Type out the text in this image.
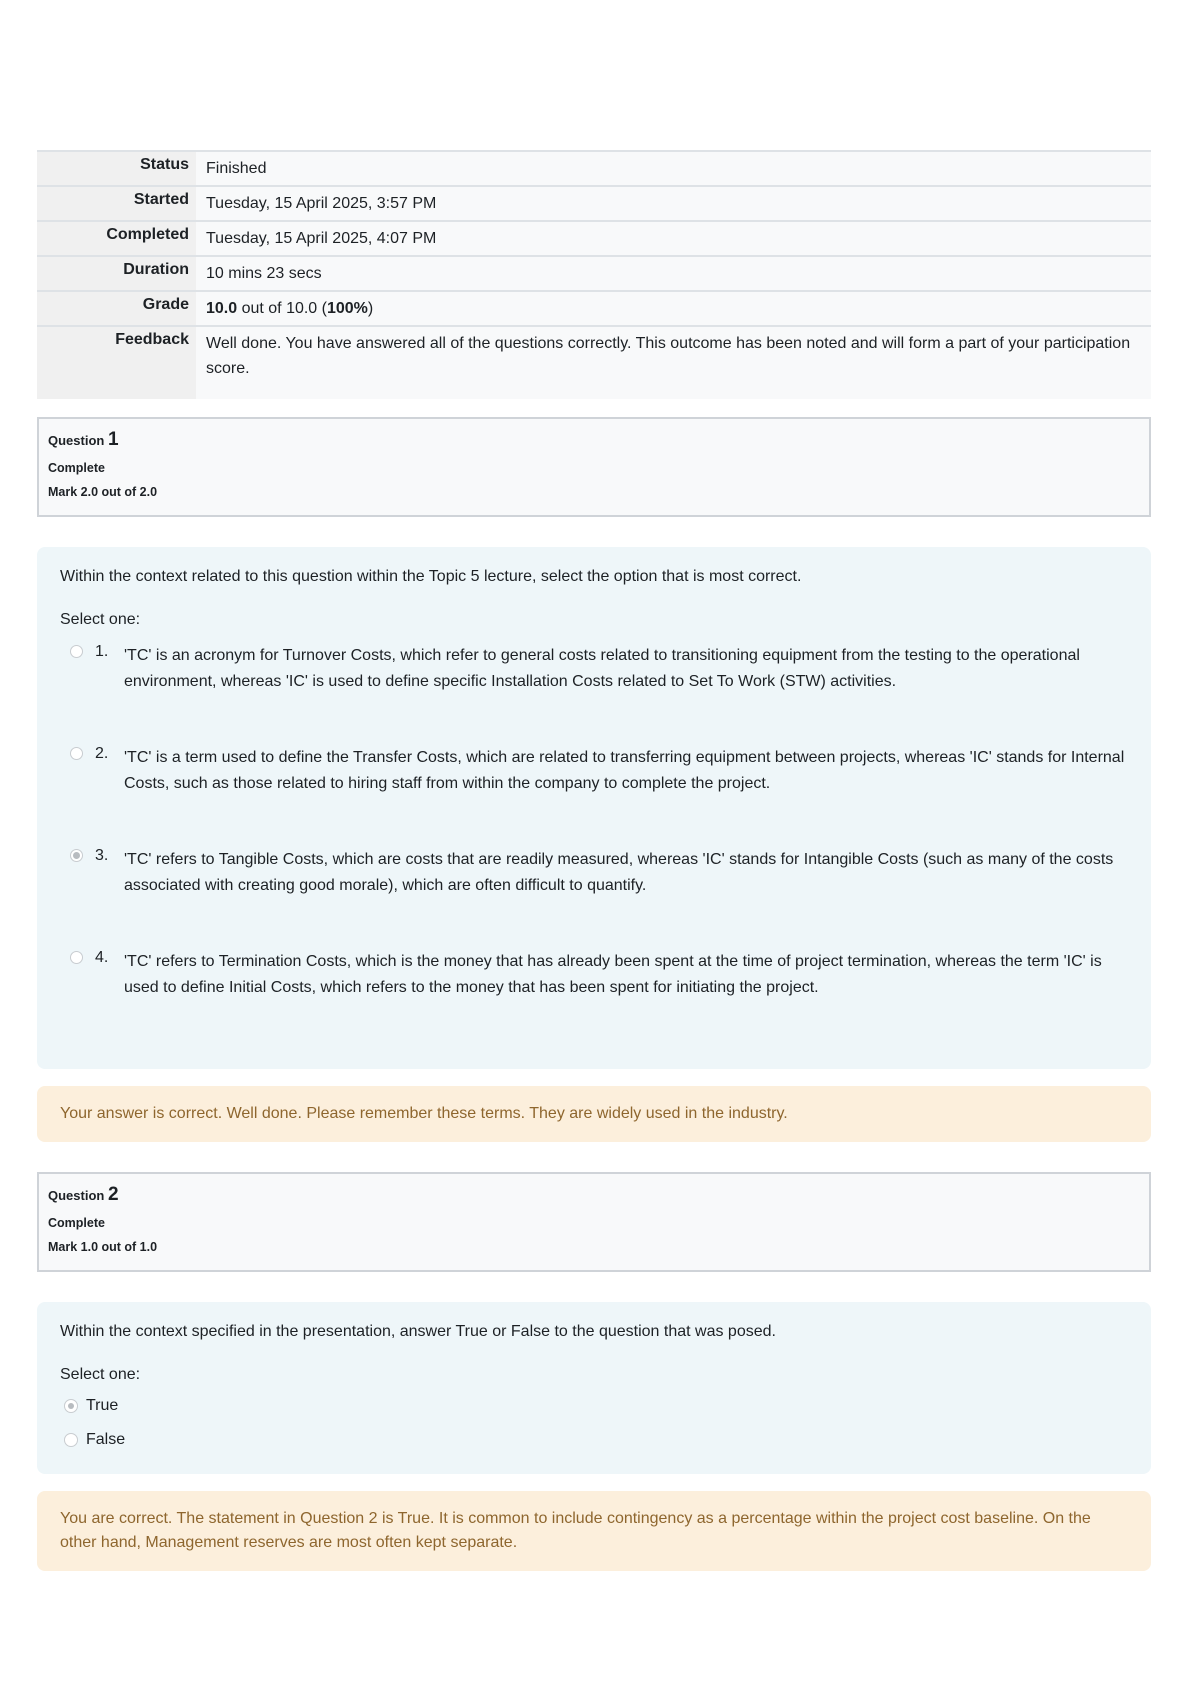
Status	Finished
Started	Tuesday, 15 April 2025, 3:57 PM
Completed	Tuesday, 15 April 2025, 4:07 PM
Duration	10 mins 23 secs
Grade	10.0 out of 10.0 (100%)
Feedback	Well done. You have answered all of the questions correctly. This outcome has been noted and will form a part of your participation score.
Question 1
Complete
Mark 2.0 out of 2.0
Within the context related to this question within the Topic 5 lecture, select the option that is most correct.
Select one:
1. 'TC' is an acronym for Turnover Costs, which refer to general costs related to transitioning equipment from the testing to the operational environment, whereas 'IC' is used to define specific Installation Costs related to Set To Work (STW) activities.
2. 'TC' is a term used to define the Transfer Costs, which are related to transferring equipment between projects, whereas 'IC' stands for Internal Costs, such as those related to hiring staff from within the company to complete the project.
3. 'TC' refers to Tangible Costs, which are costs that are readily measured, whereas 'IC' stands for Intangible Costs (such as many of the costs associated with creating good morale), which are often difficult to quantify.
4. 'TC' refers to Termination Costs, which is the money that has already been spent at the time of project termination, whereas the term 'IC' is used to define Initial Costs, which refers to the money that has been spent for initiating the project.
Your answer is correct. Well done. Please remember these terms. They are widely used in the industry.
Question 2
Complete
Mark 1.0 out of 1.0
Within the context specified in the presentation, answer True or False to the question that was posed.
Select one:
True
False
You are correct. The statement in Question 2 is True. It is common to include contingency as a percentage within the project cost baseline. On the other hand, Management reserves are most often kept separate.
